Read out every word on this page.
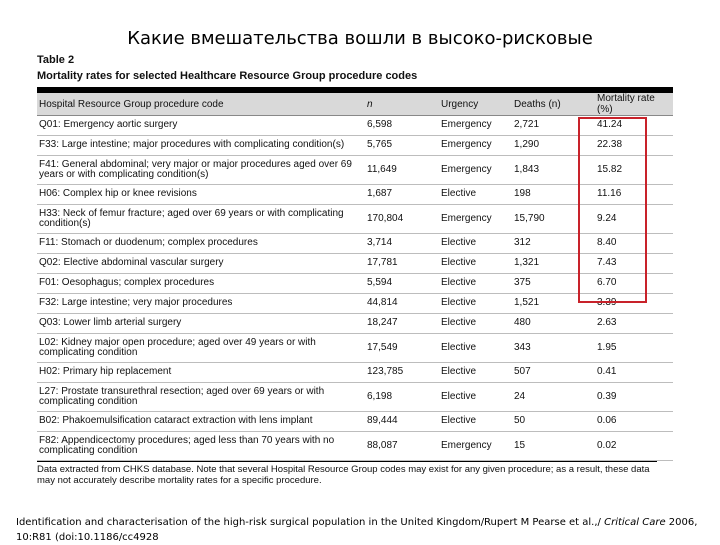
Какие вмешательства вошли в высоко-рисковые
Table 2
Mortality rates for selected Healthcare Resource Group procedure codes
Hospital Resource Group procedure code	n	Urgency	Deaths (n)	Mortality rate (%)
Q01: Emergency aortic surgery	6,598	Emergency	2,721	41.24
F33: Large intestine; major procedures with complicating condition(s)	5,765	Emergency	1,290	22.38
F41: General abdominal; very major or major procedures aged over 69 years or with complicating condition(s)	11,649	Emergency	1,843	15.82
H06: Complex hip or knee revisions	1,687	Elective	198	11.16
H33: Neck of femur fracture; aged over 69 years or with complicating condition(s)	170,804	Emergency	15,790	9.24
F11: Stomach or duodenum; complex procedures	3,714	Elective	312	8.40
Q02: Elective abdominal vascular surgery	17,781	Elective	1,321	7.43
F01: Oesophagus; complex procedures	5,594	Elective	375	6.70
F32: Large intestine; very major procedures	44,814	Elective	1,521	3.39
Q03: Lower limb arterial surgery	18,247	Elective	480	2.63
L02: Kidney major open procedure; aged over 49 years or with complicating condition	17,549	Elective	343	1.95
H02: Primary hip replacement	123,785	Elective	507	0.41
L27: Prostate transurethral resection; aged over 69 years or with complicating condition	6,198	Elective	24	0.39
B02: Phakoemulsification cataract extraction with lens implant	89,444	Elective	50	0.06
F82: Appendicectomy procedures; aged less than 70 years with no complicating condition	88,087	Emergency	15	0.02
Data extracted from CHKS database. Note that several Hospital Resource Group codes may exist for any given procedure; as a result, these data may not accurately describe mortality rates for a specific procedure.
Identification and characterisation of the high-risk surgical population in the United Kingdom/Rupert M Pearse et al.,/ Critical Care 2006, 10:R81 (doi:10.1186/cc4928
